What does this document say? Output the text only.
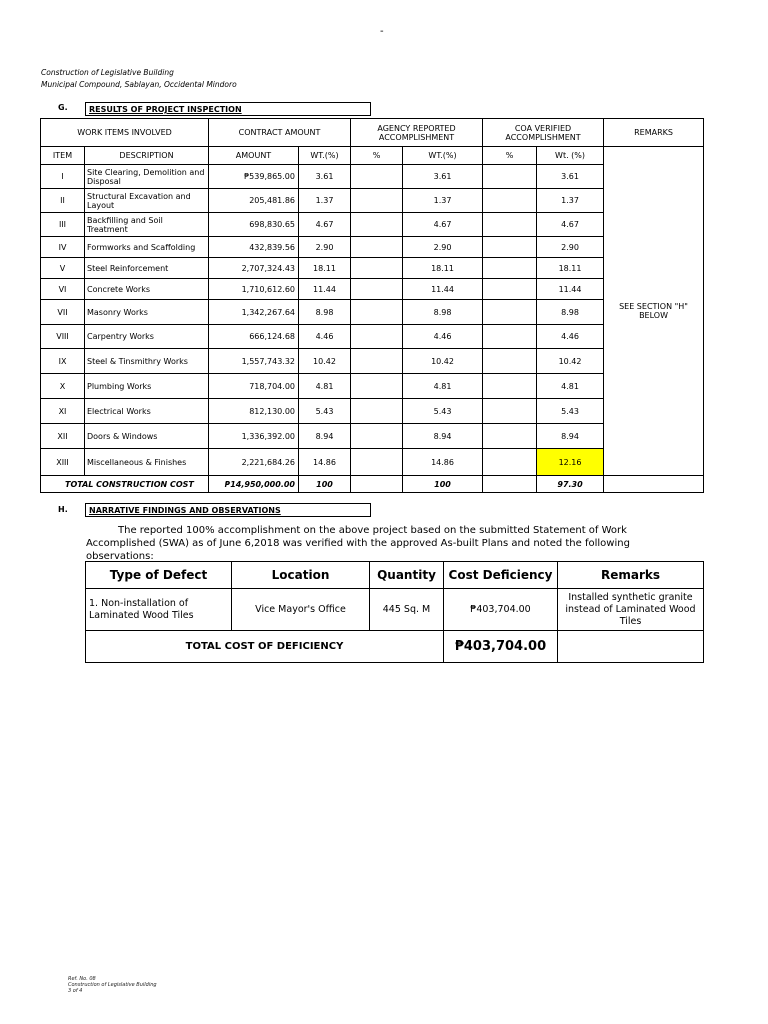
-
Construction of Legislative Building
Municipal Compound, Sablayan, Occidental Mindoro
G.	RESULTS OF PROJECT INSPECTION
WORK ITEMS INVOLVED		CONTRACT AMOUNT		AGENCY REPORTED ACCOMPLISHMENT		COA VERIFIED ACCOMPLISHMENT		REMARKS
ITEM	DESCRIPTION	AMOUNT	WT.(%)	%	WT.(%)	%	Wt. (%)	SEE SECTION "H" BELOW
I	Site Clearing, Demolition and Disposal	₱539,865.00	3.61		3.61		3.61	
II	Structural Excavation and Layout	205,481.86	1.37		1.37		1.37	
III	Backfilling and Soil Treatment	698,830.65	4.67		4.67		4.67	
IV	Formworks and Scaffolding	432,839.56	2.90		2.90		2.90	
V	Steel Reinforcement	2,707,324.43	18.11		18.11		18.11	
VI	Concrete Works	1,710,612.60	11.44		11.44		11.44	
VII	Masonry Works	1,342,267.64	8.98		8.98		8.98	
VIII	Carpentry Works	666,124.68	4.46		4.46		4.46	
IX	Steel & Tinsmithry Works	1,557,743.32	10.42		10.42		10.42	
X	Plumbing Works	718,704.00	4.81		4.81		4.81	
XI	Electrical Works	812,130.00	5.43		5.43		5.43	
XII	Doors & Windows	1,336,392.00	8.94		8.94		8.94	
XIII	Miscellaneous & Finishes	2,221,684.26	14.86		14.86		12.16	
TOTAL CONSTRUCTION COST		₱14,950,000.00	100		100		97.30	
H.	NARRATIVE FINDINGS AND OBSERVATIONS
The reported 100% accomplishment on the above project based on the submitted Statement of Work Accomplished (SWA) as of June 6,2018 was verified with the approved As-built Plans and noted the following observations:
Type of Defect	Location	Quantity	Cost Deficiency	Remarks
1. Non-installation of Laminated Wood Tiles	Vice Mayor's Office	445 Sq. M	₱403,704.00	Installed synthetic granite instead of Laminated Wood Tiles
TOTAL COST OF DEFICIENCY			₱403,704.00	
Ref. No. 08
Construction of Legislative Building
3 of 4
